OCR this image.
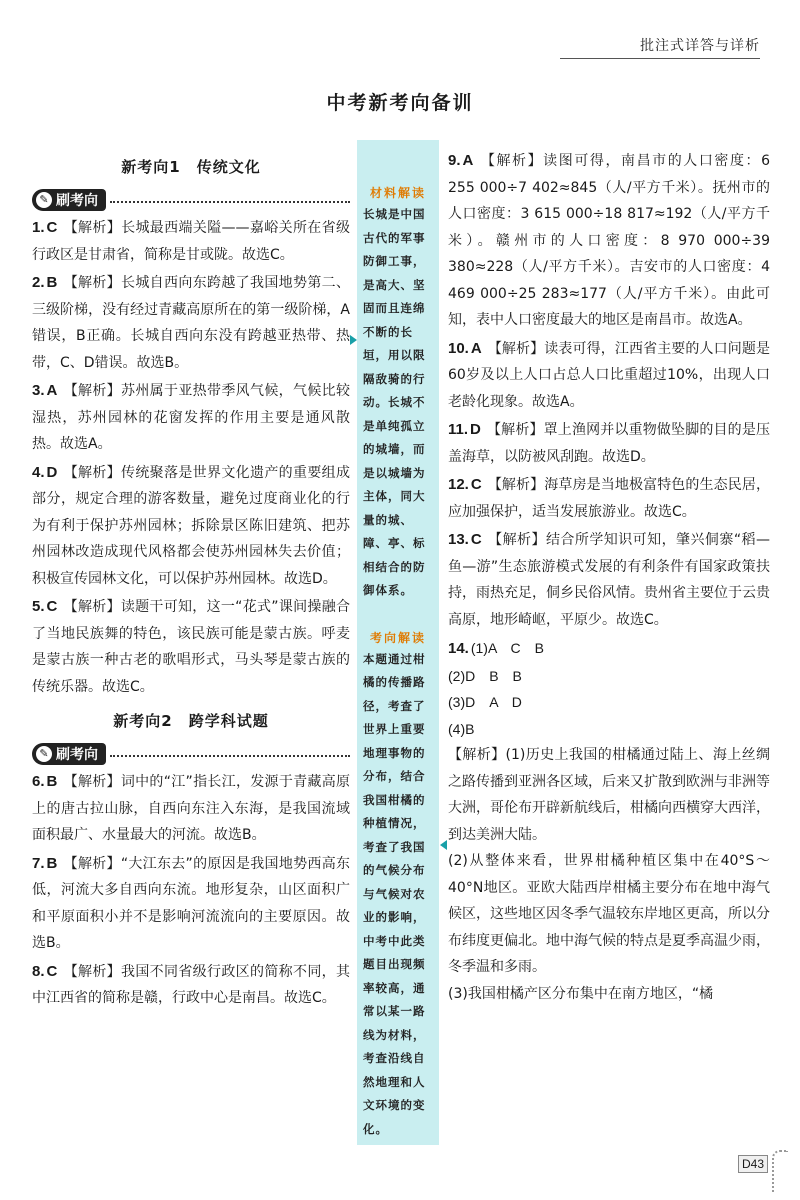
批注式详答与详析
中考新考向备训
新考向1　传统文化
✎ 刷考向
1. C 【解析】长城最西端关隘——嘉峪关所在省级行政区是甘肃省，简称是甘或陇。故选C。
2. B 【解析】长城自西向东跨越了我国地势第二、三级阶梯，没有经过青藏高原所在的第一级阶梯，A错误，B正确。长城自西向东没有跨越亚热带、热带，C、D错误。故选B。
3. A 【解析】苏州属于亚热带季风气候，气候比较湿热，苏州园林的花窗发挥的作用主要是通风散热。故选A。
4. D 【解析】传统聚落是世界文化遗产的重要组成部分，规定合理的游客数量，避免过度商业化的行为有利于保护苏州园林；拆除景区陈旧建筑、把苏州园林改造成现代风格都会使苏州园林失去价值；积极宣传园林文化，可以保护苏州园林。故选D。
5. C 【解析】读题干可知，这一“花式”课间操融合了当地民族舞的特色，该民族可能是蒙古族。呼麦是蒙古族一种古老的歌唱形式，马头琴是蒙古族的传统乐器。故选C。
新考向2　跨学科试题
✎ 刷考向
6. B 【解析】词中的“江”指长江，发源于青藏高原上的唐古拉山脉，自西向东注入东海，是我国流域面积最广、水量最大的河流。故选B。
7. B 【解析】“大江东去”的原因是我国地势西高东低，河流大多自西向东流。地形复杂，山区面积广和平原面积小并不是影响河流流向的主要原因。故选B。
8. C 【解析】我国不同省级行政区的简称不同，其中江西省的简称是赣，行政中心是南昌。故选C。
材料解读
长城是中国古代的军事防御工事，是高大、坚固而且连绵不断的长垣，用以限隔敌骑的行动。长城不是单纯孤立的城墙，而是以城墙为主体，同大量的城、障、亭、标相结合的防御体系。
考向解读
本题通过柑橘的传播路径，考查了世界上重要地理事物的分布，结合我国柑橘的种植情况，考查了我国的气候分布与气候对农业的影响，中考中此类题目出现频率较高，通常以某一路线为材料，考查沿线自然地理和人文环境的变化。
9. A 【解析】读图可得，南昌市的人口密度：6 255 000÷7 402≈845（人/平方千米）。抚州市的人口密度：3 615 000÷18 817≈192（人/平方千米）。赣州市的人口密度：8 970 000÷39 380≈228（人/平方千米）。吉安市的人口密度：4 469 000÷25 283≈177（人/平方千米）。由此可知，表中人口密度最大的地区是南昌市。故选A。
10. A 【解析】读表可得，江西省主要的人口问题是60岁及以上人口占总人口比重超过10%，出现人口老龄化现象。故选A。
11. D 【解析】罩上渔网并以重物做坠脚的目的是压盖海草，以防被风刮跑。故选D。
12. C 【解析】海草房是当地极富特色的生态民居，应加强保护，适当发展旅游业。故选C。
13. C 【解析】结合所学知识可知，肇兴侗寨“稻—鱼—游”生态旅游模式发展的有利条件有国家政策扶持，雨热充足，侗乡民俗风情。贵州省主要位于云贵高原，地形崎岖，平原少。故选C。
14. (1)A　C　B
(2)D　B　B
(3)D　A　D
(4)B
【解析】(1)历史上我国的柑橘通过陆上、海上丝绸之路传播到亚洲各区域，后来又扩散到欧洲与非洲等大洲，哥伦布开辟新航线后，柑橘向西横穿大西洋，到达美洲大陆。
(2)从整体来看，世界柑橘种植区集中在40°S～40°N地区。亚欧大陆西岸柑橘主要分布在地中海气候区，这些地区因冬季气温较东岸地区更高，所以分布纬度更偏北。地中海气候的特点是夏季高温少雨，冬季温和多雨。
(3)我国柑橘产区分布集中在南方地区，“橘
D43
